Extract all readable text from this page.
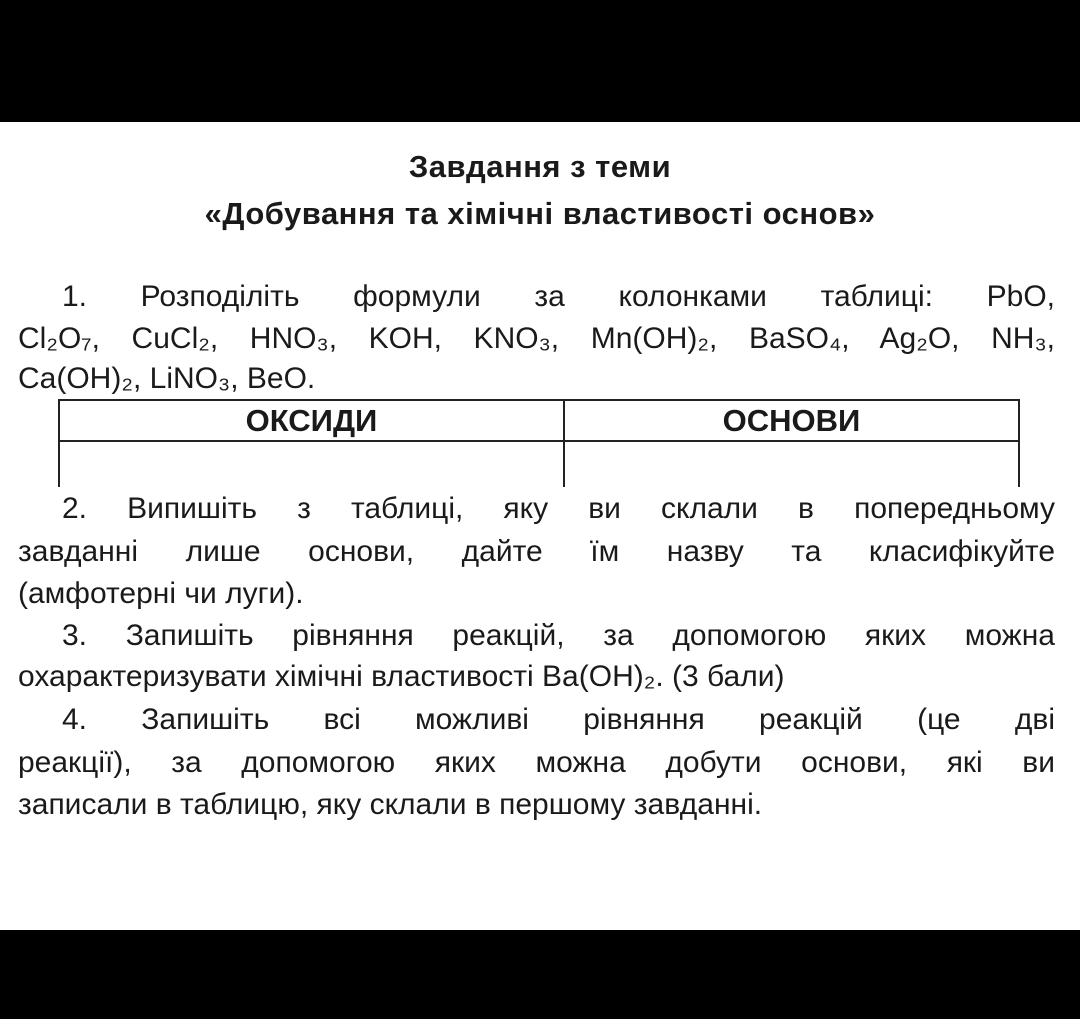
Завдання з теми
«Добування та хімічні властивості основ»
1. Розподіліть формули за колонками таблиці: PbO,
Cl₂O₇, CuCl₂, HNO₃, KOH, KNO₃, Mn(OH)₂, BaSO₄, Ag₂O, NH₃,
Ca(OH)₂, LiNO₃, BeO.
ОКСИДИ	ОСНОВИ
2. Випишіть з таблиці, яку ви склали в попередньому
завданні лише основи, дайте їм назву та класифікуйте
(амфотерні чи луги).
3. Запишіть рівняння реакцій, за допомогою яких можна
охарактеризувати хімічні властивості Ba(OH)₂. (3 бали)
4. Запишіть всі можливі рівняння реакцій (це дві
реакції), за допомогою яких можна добути основи, які ви
записали в таблицю, яку склали в першому завданні.
